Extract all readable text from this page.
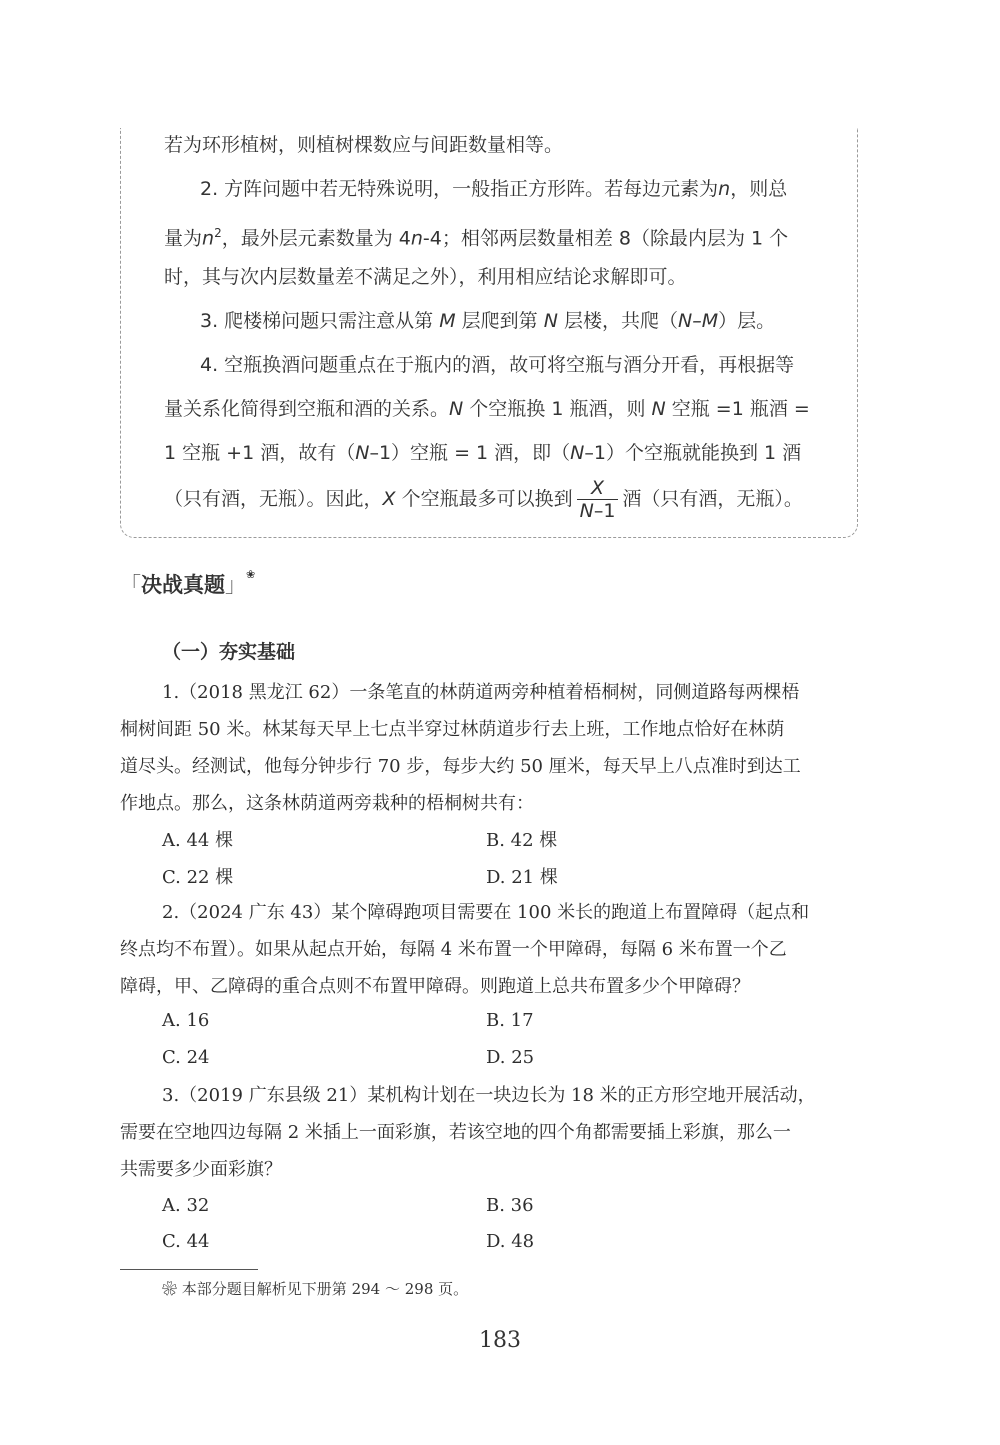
若为环形植树，则植树棵数应与间距数量相等。
2. 方阵问题中若无特殊说明，一般指正方形阵。若每边元素为n，则总
量为$n^2$，最外层元素数量为 4n-4；相邻两层数量相差 8（除最内层为 1 个
时，其与次内层数量差不满足之外），利用相应结论求解即可。
3. 爬楼梯问题只需注意从第 M 层爬到第 N 层楼，共爬（N–M）层。
4. 空瓶换酒问题重点在于瓶内的酒，故可将空瓶与酒分开看，再根据等
量关系化简得到空瓶和酒的关系。N 个空瓶换 1 瓶酒，则 N 空瓶 =1 瓶酒 =
1 空瓶 +1 酒，故有（N–1）空瓶 = 1 酒，即（N–1）个空瓶就能换到 1 酒
（只有酒，无瓶）。因此，X 个空瓶最多可以换到 $\frac{X}{N-1}$ 酒（只有酒，无瓶）。
「决战真题」❀
（一）夯实基础
1.（2018 黑龙江 62）一条笔直的林荫道两旁种植着梧桐树，同侧道路每两棵梧
桐树间距 50 米。林某每天早上七点半穿过林荫道步行去上班，工作地点恰好在林荫
道尽头。经测试，他每分钟步行 70 步，每步大约 50 厘米，每天早上八点准时到达工
作地点。那么，这条林荫道两旁栽种的梧桐树共有：
A. 44 棵	B. 42 棵
C. 22 棵	D. 21 棵
2.（2024 广东 43）某个障碍跑项目需要在 100 米长的跑道上布置障碍（起点和
终点均不布置）。如果从起点开始，每隔 4 米布置一个甲障碍，每隔 6 米布置一个乙
障碍，甲、乙障碍的重合点则不布置甲障碍。则跑道上总共布置多少个甲障碍？
A. 16	B. 17
C. 24	D. 25
3.（2019 广东县级 21）某机构计划在一块边长为 18 米的正方形空地开展活动，
需要在空地四边每隔 2 米插上一面彩旗，若该空地的四个角都需要插上彩旗，那么一
共需要多少面彩旗？
A. 32	B. 36
C. 44	D. 48
❀ 本部分题目解析见下册第 294 ～ 298 页。
183
